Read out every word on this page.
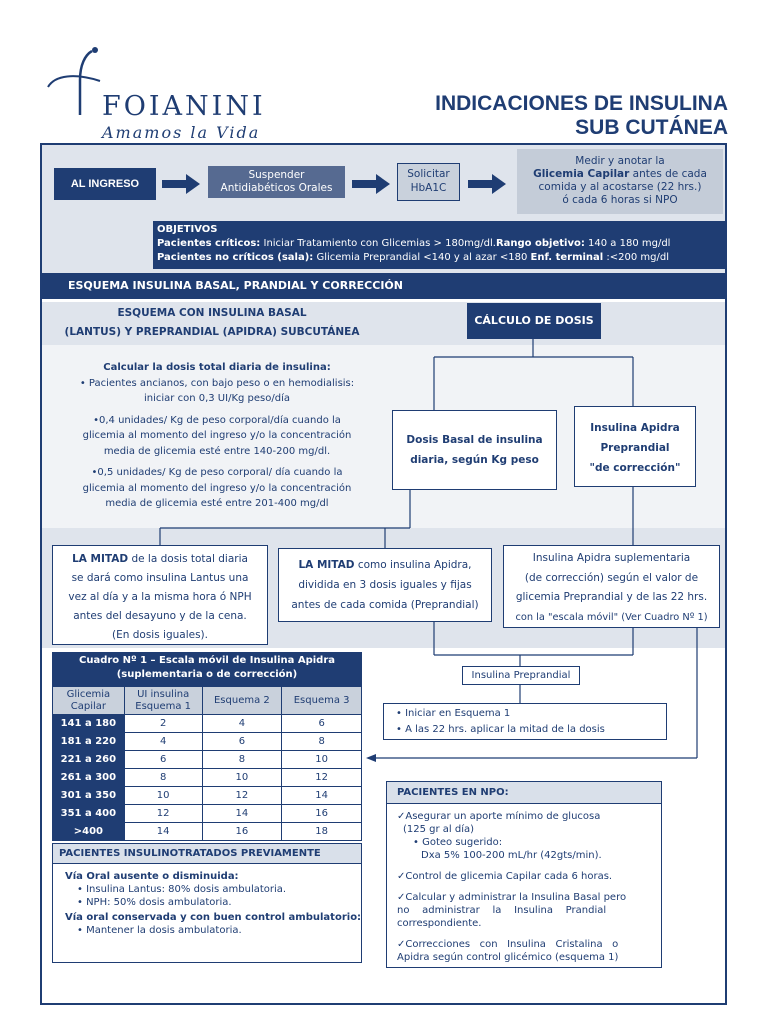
FOIANINI
Amamos la Vida
INDICACIONES DE INSULINA
SUB CUTÁNEA
AL INGRESO
Suspender
Antidiabéticos Orales
Solicitar
HbA1C
Medir y anotar la
Glicemia Capilar antes de cada
comida y al acostarse (22 hrs.)
ó cada 6 horas si NPO
OBJETIVOS
Pacientes críticos: Iniciar Tratamiento con Glicemias > 180mg/dl.Rango objetivo: 140 a 180 mg/dl
Pacientes no críticos (sala): Glicemia Preprandial <140 y al azar <180 Enf. terminal :<200 mg/dl
ESQUEMA INSULINA BASAL, PRANDIAL Y CORRECCIÓN
ESQUEMA CON INSULINA BASAL
(LANTUS) Y PREPRANDIAL (APIDRA) SUBCUTÁNEA
CÁLCULO DE DOSIS
Calcular la dosis total diaria de insulina:
• Pacientes ancianos, con bajo peso o en hemodialisis:
iniciar con 0,3 UI/Kg peso/día
•0,4 unidades/ Kg de peso corporal/día cuando la
glicemia al momento del ingreso y/o la concentración
media de glicemia esté entre 140-200 mg/dl.
•0,5 unidades/ Kg de peso corporal/ día cuando la
glicemia al momento del ingreso y/o la concentración
media de glicemia esté entre 201-400 mg/dl
Dosis Basal de insulina
diaria, según Kg peso
Insulina Apidra
Preprandial
"de corrección"
LA MITAD de la dosis total diaria
se dará como insulina Lantus una
vez al día y a la misma hora ó NPH
antes del desayuno y de la cena.
(En dosis iguales).
LA MITAD como insulina Apidra,
dividida en 3 dosis iguales y fijas
antes de cada comida (Preprandial)
Insulina Apidra suplementaria
(de corrección) según el valor de
glicemia Preprandial y de las 22 hrs.
con la "escala móvil" (Ver Cuadro Nº 1)
Insulina Preprandial
• Iniciar en Esquema 1
• A las 22 hrs. aplicar la mitad de la dosis
Cuadro Nº 1 – Escala móvil de Insulina Apidra
(suplementaria o de corrección)
Glicemia Capilar	UI insulina Esquema 1	Esquema 2	Esquema 3
141 a 180	2	4	6
181 a 220	4	6	8
221 a 260	6	8	10
261 a 300	8	10	12
301 a 350	10	12	14
351 a 400	12	14	16
>400	14	16	18
PACIENTES INSULINOTRATADOS PREVIAMENTE
Vía Oral ausente o disminuida:
• Insulina Lantus: 80% dosis ambulatoria.
• NPH: 50% dosis ambulatoria.
Vía oral conservada y con buen control ambulatorio:
• Mantener la dosis ambulatoria.
PACIENTES EN NPO:
✓Asegurar un aporte mínimo de glucosa
(125 gr al día)
• Goteo sugerido:
Dxa 5% 100-200 mL/hr (42gts/min).
✓Control de glicemia Capilar cada 6 horas.
✓Calcular y administrar la Insulina Basal pero
no    administrar    la    Insulina    Prandial
correspondiente.
✓Correcciones   con   Insulina   Cristalina   o
Apidra según control glicémico (esquema 1)
